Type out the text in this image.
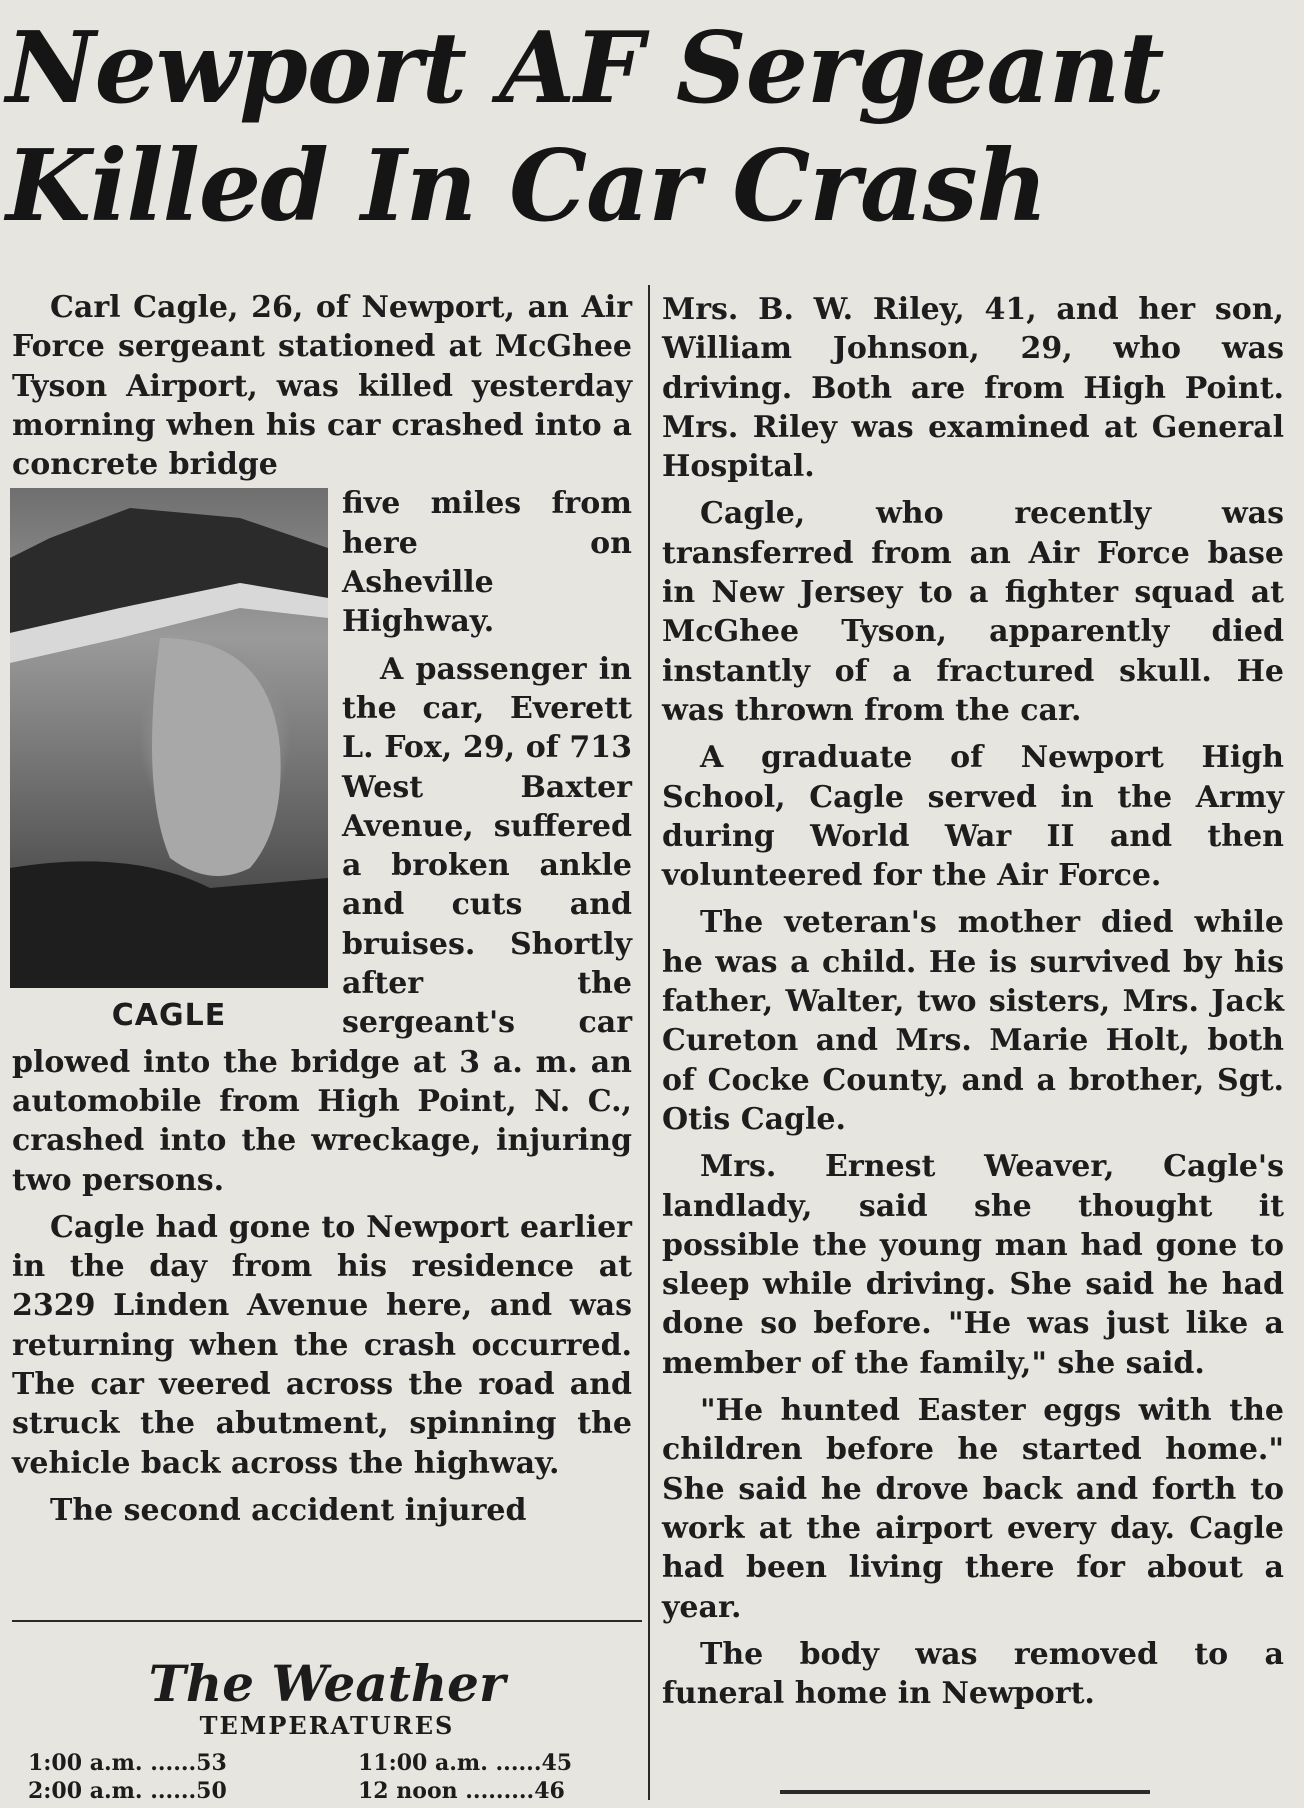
Newport AF Sergeant
Killed In Car Crash

Carl Cagle, 26, of Newport, an Air Force sergeant stationed at McGhee Tyson Airport, was killed yesterday morning when his car crashed into a concrete bridge

CAGLE

five miles from here on Asheville Highway.

A passenger in the car, Everett L. Fox, 29, of 713 West Baxter Avenue, suffered a broken ankle and cuts and bruises. Shortly after the sergeant's car plowed into the bridge at 3 a. m. an automobile from High Point, N. C., crashed into the wreckage, injuring two persons.

Cagle had gone to Newport earlier in the day from his residence at 2329 Linden Avenue here, and was returning when the crash occurred. The car veered across the road and struck the abutment, spinning the vehicle back across the highway.

The second accident injured

Mrs. B. W. Riley, 41, and her son, William Johnson, 29, who was driving. Both are from High Point. Mrs. Riley was examined at General Hospital.

Cagle, who recently was transferred from an Air Force base in New Jersey to a fighter squad at McGhee Tyson, apparently died instantly of a fractured skull. He was thrown from the car.

A graduate of Newport High School, Cagle served in the Army during World War II and then volunteered for the Air Force.

The veteran's mother died while he was a child. He is survived by his father, Walter, two sisters, Mrs. Jack Cureton and Mrs. Marie Holt, both of Cocke County, and a brother, Sgt. Otis Cagle.

Mrs. Ernest Weaver, Cagle's landlady, said she thought it possible the young man had gone to sleep while driving. She said he had done so before. "He was just like a member of the family," she said.

"He hunted Easter eggs with the children before he started home." She said he drove back and forth to work at the airport every day. Cagle had been living there for about a year.

The body was removed to a funeral home in Newport.

The Weather
TEMPERATURES
1:00 a.m. ......53
2:00 a.m. ......50
11:00 a.m. ......45
12 noon .........46
